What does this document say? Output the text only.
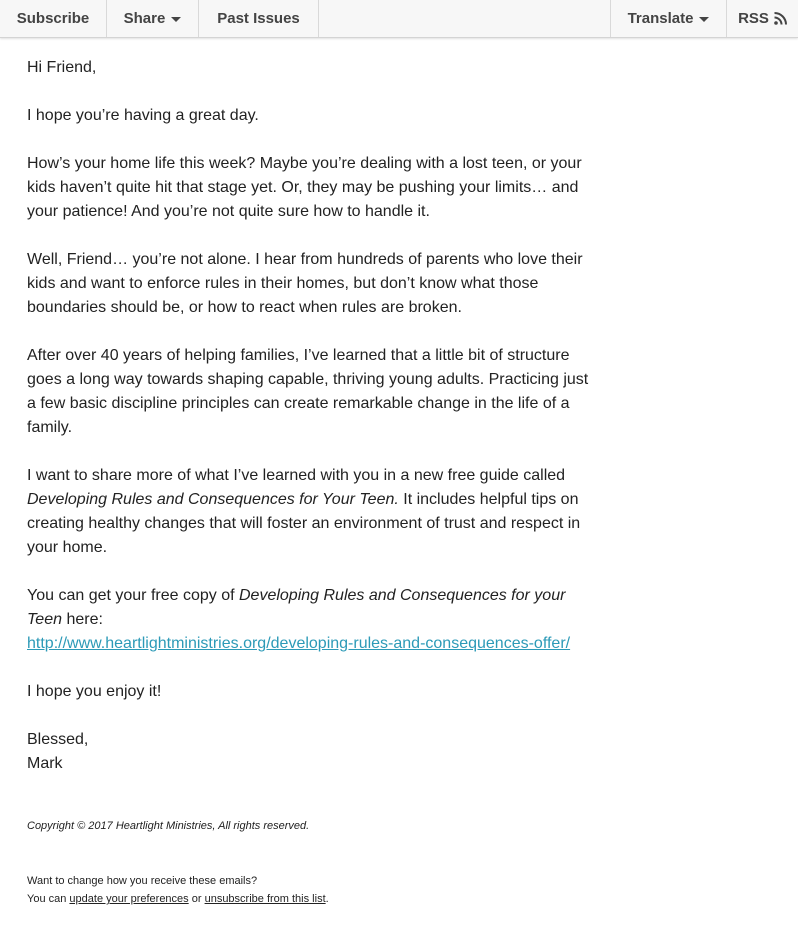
Subscribe Share	Past Issues	Translate	RSS

Hi Friend,

I hope you’re having a great day.

How’s your home life this week? Maybe you’re dealing with a lost teen, or your kids haven’t quite hit that stage yet. Or, they may be pushing your limits… and your patience! And you’re not quite sure how to handle it.

Well, Friend… you’re not alone. I hear from hundreds of parents who love their kids and want to enforce rules in their homes, but don’t know what those boundaries should be, or how to react when rules are broken.

After over 40 years of helping families, I’ve learned that a little bit of structure goes a long way towards shaping capable, thriving young adults. Practicing just a few basic discipline principles can create remarkable change in the life of a family.

I want to share more of what I’ve learned with you in a new free guide called Developing Rules and Consequences for Your Teen. It includes helpful tips on creating healthy changes that will foster an environment of trust and respect in your home.

You can get your free copy of Developing Rules and Consequences for your Teen here:
http://www.heartlightministries.org/developing-rules-and-consequences-offer/

I hope you enjoy it!

Blessed,
Mark

Copyright © 2017 Heartlight Ministries, All rights reserved.
Want to change how you receive these emails?
You can update your preferences or unsubscribe from this list.
